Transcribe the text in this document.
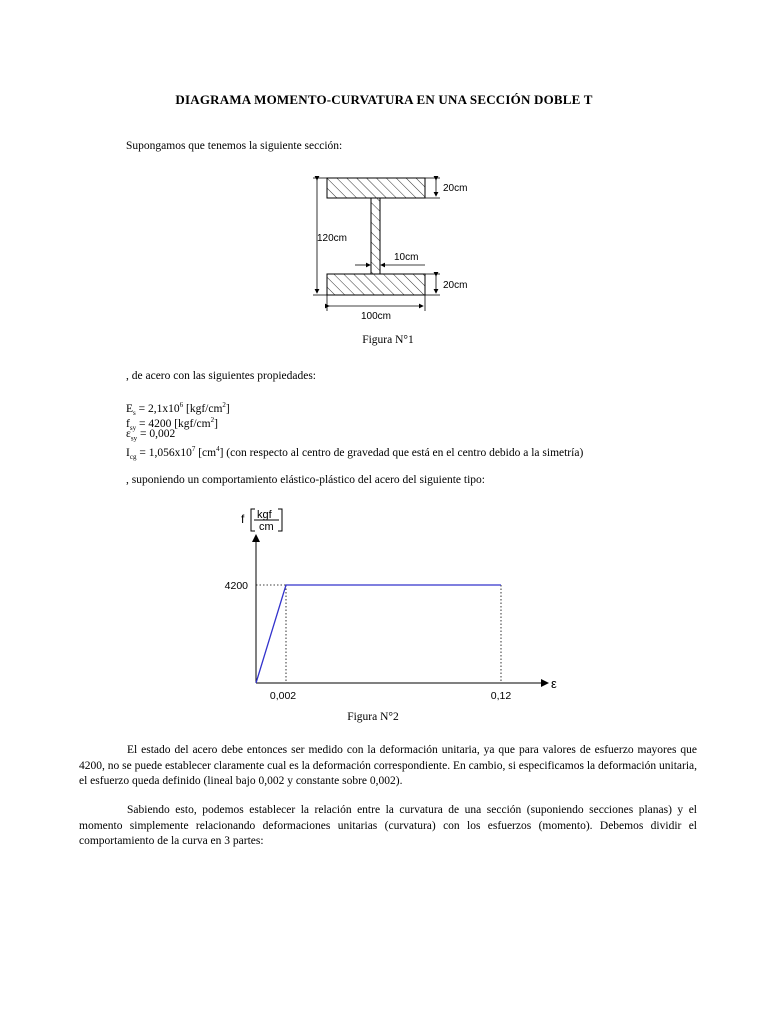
DIAGRAMA MOMENTO-CURVATURA EN UNA SECCIÓN DOBLE T

Supongamos que tenemos la siguiente sección:

120cm
20cm
10cm
20cm
100cm
Figura N°1

, de acero con las siguientes propiedades:

$E_s = 2,1x10^6$ $[kgf/cm^2]$
$f_{sy} = 4200$ $[kgf/cm^2]$
$\varepsilon_{sy} = 0,002$
$I_{cg} = 1,056x10^7$ $[cm^4]$ (con respecto al centro de gravedad que está en el centro debido a la simetría)

, suponiendo un comportamiento elástico-plástico del acero del siguiente tipo:

f kgf
cm
ε
4200
0,002	0,12
Figura N°2

El estado del acero debe entonces ser medido con la deformación unitaria, ya que para valores de esfuerzo mayores que 4200, no se puede establecer claramente cual es la deformación correspondiente. En cambio, si especificamos la deformación unitaria, el esfuerzo queda definido (lineal bajo 0,002 y constante sobre 0,002).

Sabiendo esto, podemos establecer la relación entre la curvatura de una sección (suponiendo secciones planas) y el momento simplemente relacionando deformaciones unitarias (curvatura) con los esfuerzos (momento). Debemos dividir el comportamiento de la curva en 3 partes:
